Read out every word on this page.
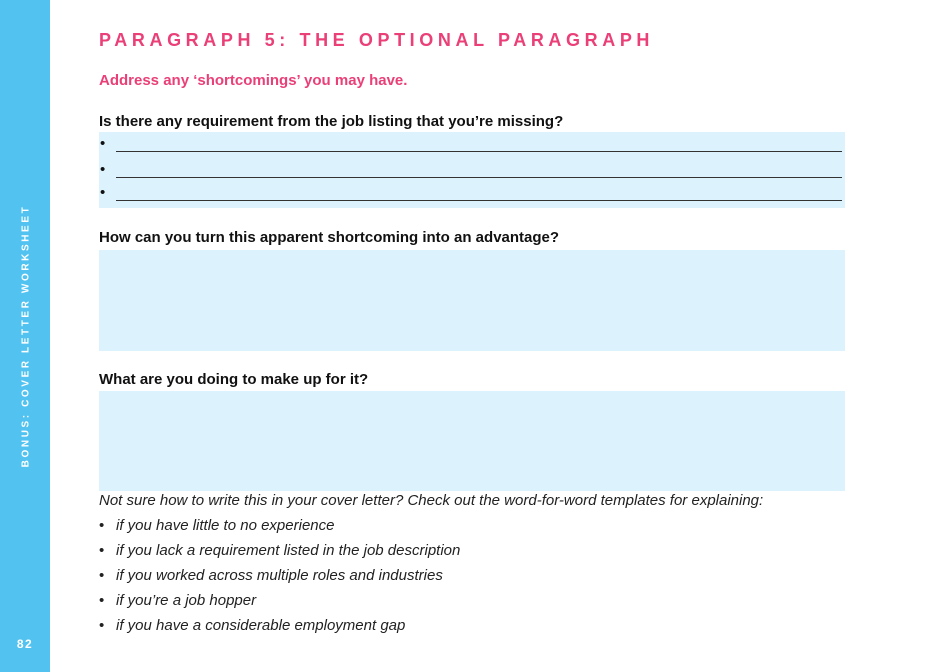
BONUS: COVER LETTER WORKSHEET
82
PARAGRAPH 5: THE OPTIONAL PARAGRAPH

Address any ‘shortcomings’ you may have.

Is there any requirement from the job listing that you’re missing?

•
•
•

How can you turn this apparent shortcoming into an advantage?

What are you doing to make up for it?

Not sure how to write this in your cover letter? Check out the word-for-word templates for explaining:

• if you have little to no experience
• if you lack a requirement listed in the job description
• if you worked across multiple roles and industries
• if you’re a job hopper
• if you have a considerable employment gap
